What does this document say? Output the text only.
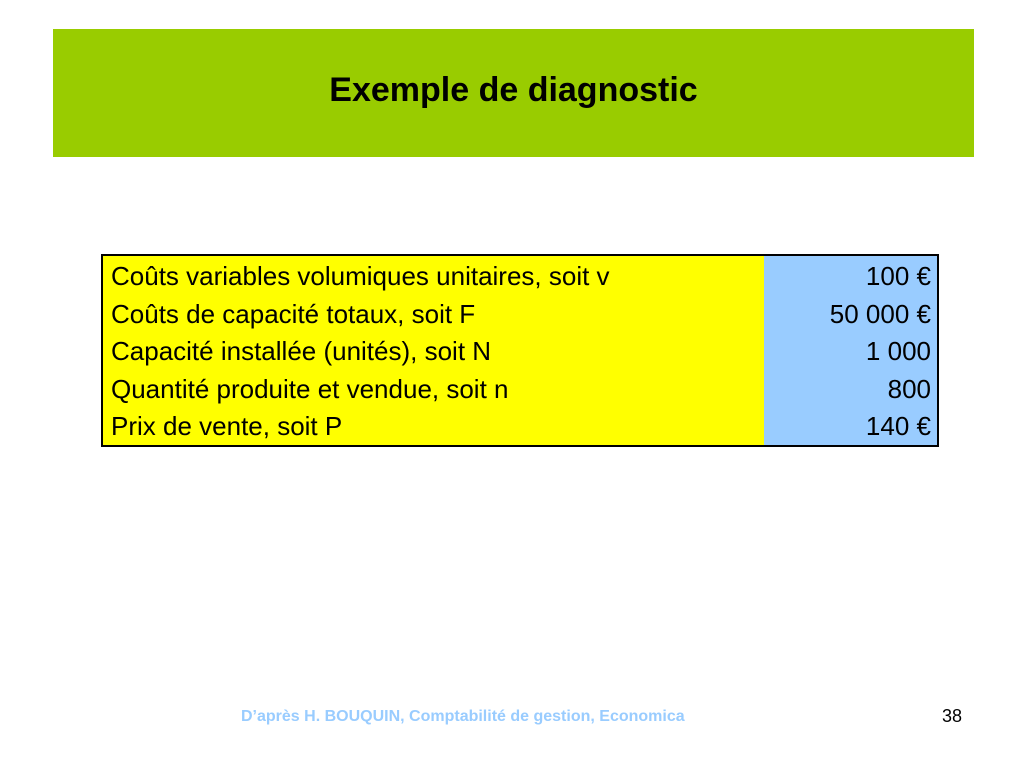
Exemple de diagnostic
Coûts variables volumiques unitaires, soit v
Coûts de capacité totaux, soit F
Capacité installée (unités), soit N
Quantité produite et vendue, soit n
Prix de vente, soit P
100 €
50 000 €
1 000
800
140 €
D’après H. BOUQUIN, Comptabilité de gestion, Economica	38
